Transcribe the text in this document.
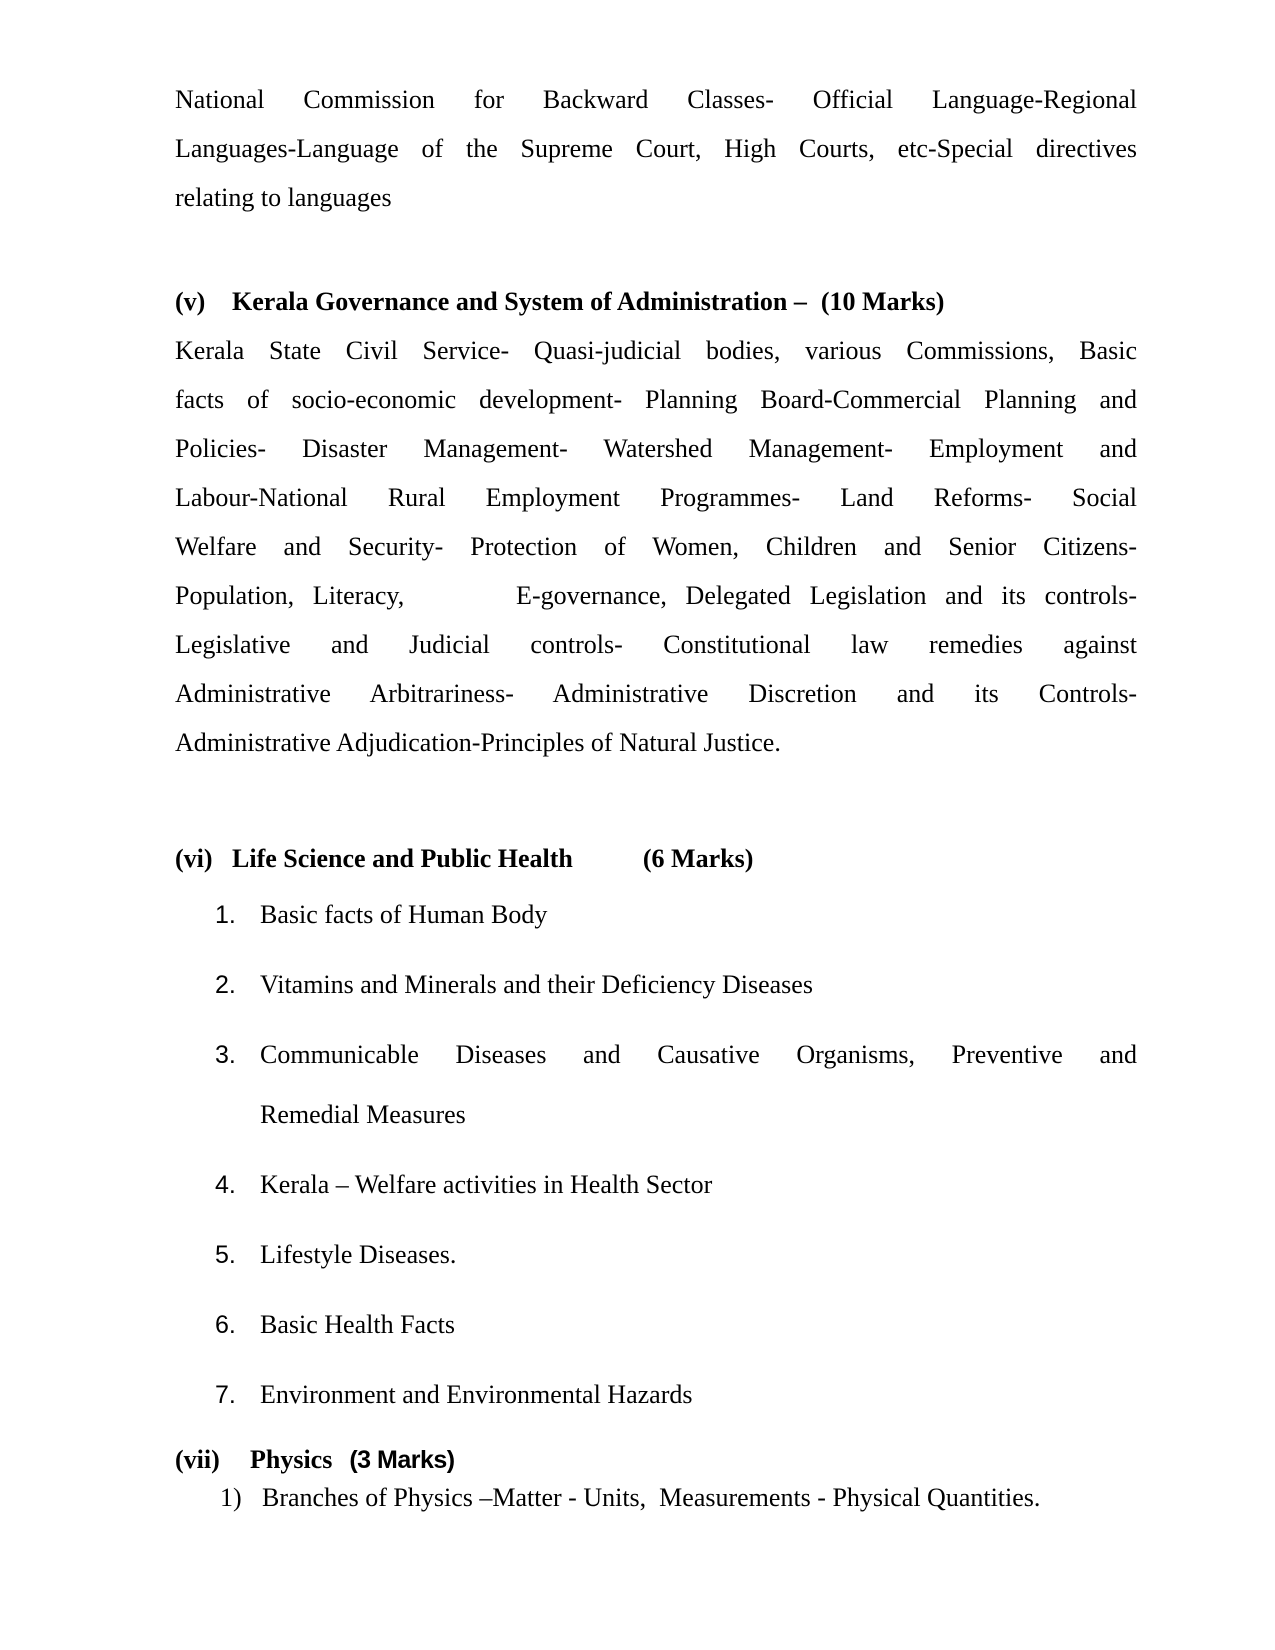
National Commission for Backward Classes- Official Language-Regional
Languages-Language of the Supreme Court, High Courts, etc-Special directives
relating to languages
(v)	Kerala Governance and System of Administration – (10 Marks)
Kerala State Civil Service- Quasi-judicial bodies, various Commissions, Basic
facts of socio-economic development- Planning Board-Commercial Planning and
Policies- Disaster Management- Watershed Management- Employment and
Labour-National Rural Employment Programmes- Land Reforms- Social
Welfare and Security- Protection of Women, Children and Senior Citizens-
Population, Literacy,      E-governance, Delegated Legislation and its controls-
Legislative and Judicial controls- Constitutional law remedies against
Administrative Arbitrariness- Administrative Discretion and its Controls-
Administrative Adjudication-Principles of Natural Justice.
(vi) Life Science and Public Health	(6 Marks)
1. Basic facts of Human Body
2. Vitamins and Minerals and their Deficiency Diseases
3. Communicable Diseases and Causative Organisms, Preventive and
Remedial Measures
4. Kerala – Welfare activities in Health Sector
5. Lifestyle Diseases.
6. Basic Health Facts
7. Environment and Environmental Hazards
(vii)	Physics (3 Marks)
1) Branches of Physics –Matter - Units,  Measurements - Physical Quantities.
